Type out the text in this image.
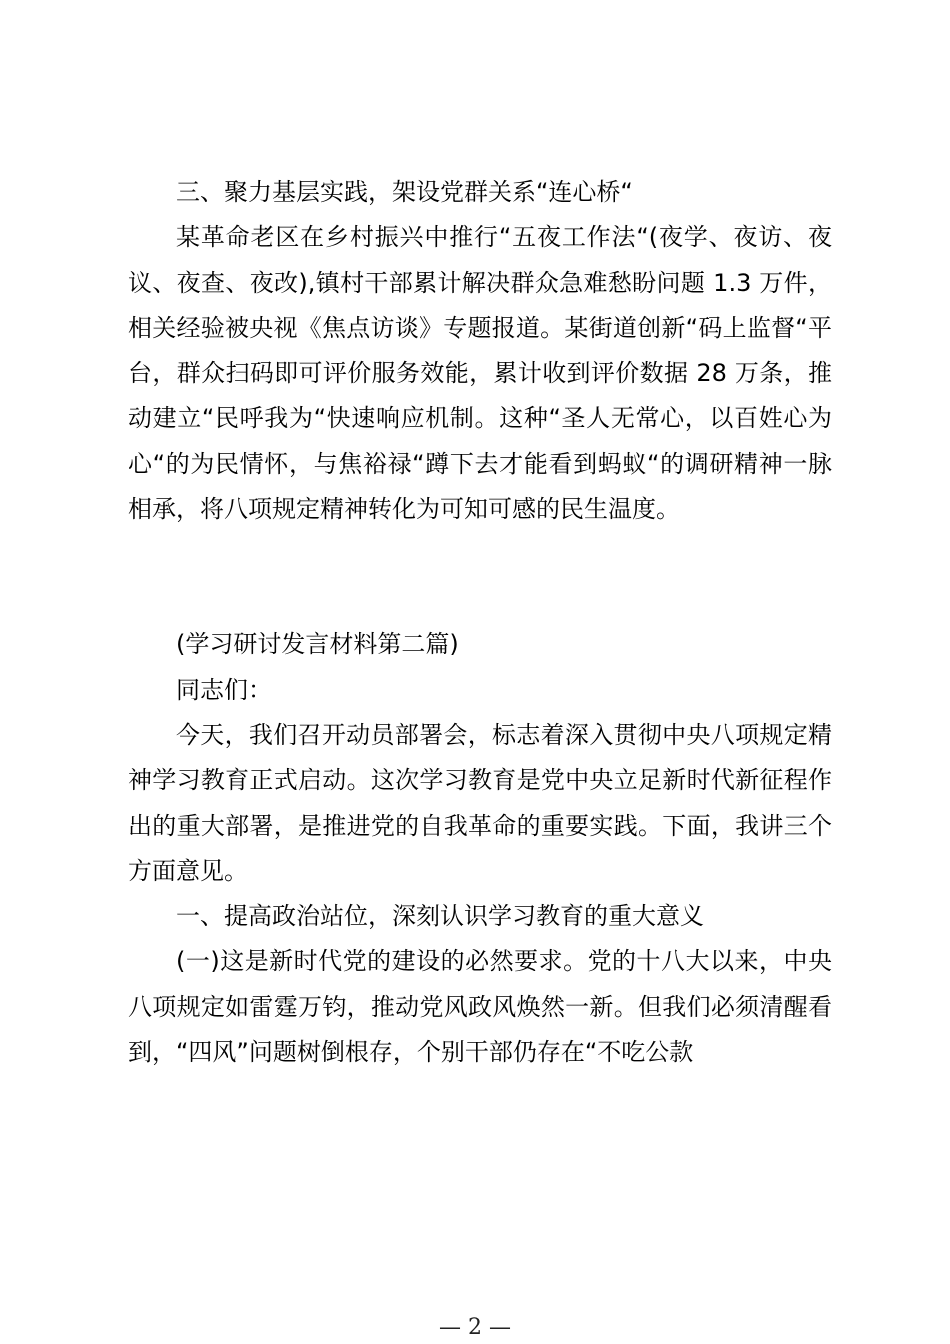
三、聚力基层实践，架设党群关系“连心桥“

某革命老区在乡村振兴中推行“五夜工作法“(夜学、夜访、夜议、夜查、夜改),镇村干部累计解决群众急难愁盼问题 1.3 万件，相关经验被央视《焦点访谈》专题报道。某街道创新“码上监督“平台，群众扫码即可评价服务效能，累计收到评价数据 28 万条，推动建立“民呼我为“快速响应机制。这种“圣人无常心，以百姓心为心“的为民情怀，与焦裕禄“蹲下去才能看到蚂蚁“的调研精神一脉相承，将八项规定精神转化为可知可感的民生温度。

(学习研讨发言材料第二篇)

同志们：

今天，我们召开动员部署会，标志着深入贯彻中央八项规定精神学习教育正式启动。这次学习教育是党中央立足新时代新征程作出的重大部署，是推进党的自我革命的重要实践。下面，我讲三个方面意见。

一、提高政治站位，深刻认识学习教育的重大意义

(一)这是新时代党的建设的必然要求。党的十八大以来，中央八项规定如雷霆万钧，推动党风政风焕然一新。但我们必须清醒看到，“四风”问题树倒根存，个别干部仍存在“不吃公款

— 2 —
